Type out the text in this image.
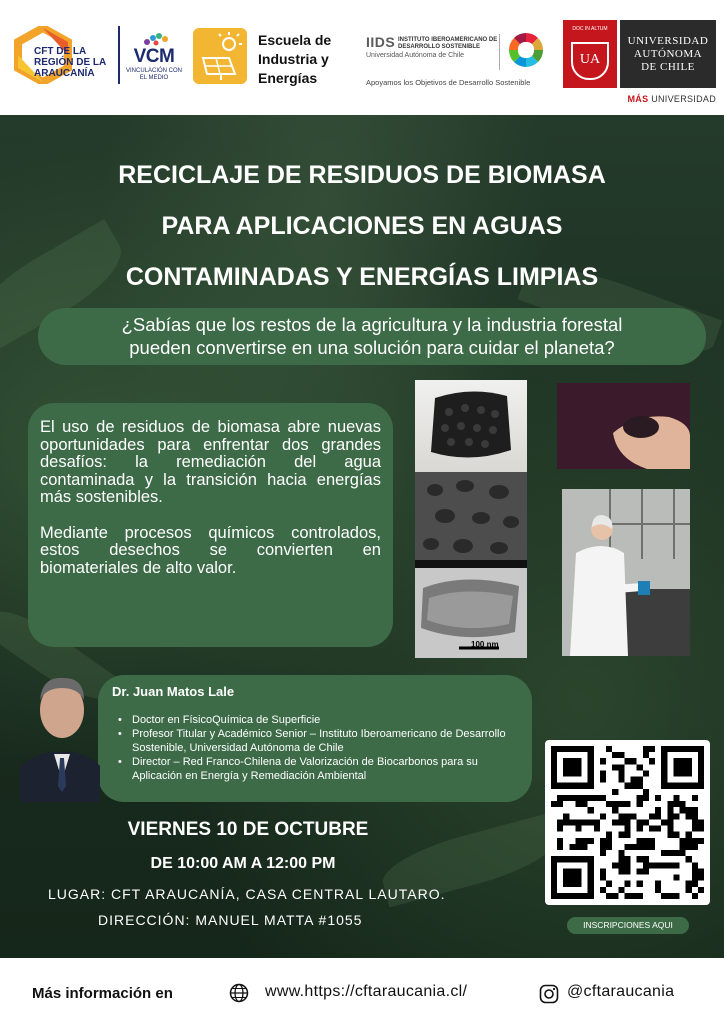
CFT DE LA REGIÓN DE LA ARAUCANÍA
VCM
VINCULACIÓN CON EL MEDIO
Escuela de
Industria y
Energías
IIDS INSTITUTO IBEROAMERICANO DE DESARROLLO SOSTENIBLE
Universidad Autónoma de Chile
Apoyamos los Objetivos de Desarrollo Sostenible
DOC IN ALTUM
UA
UNIVERSIDAD
AUTÓNOMA
DE CHILE
MÁS UNIVERSIDAD
RECICLAJE DE RESIDUOS DE BIOMASA
PARA APLICACIONES EN AGUAS
CONTAMINADAS Y ENERGÍAS LIMPIAS
¿Sabías que los restos de la agricultura y la industria forestal
pueden convertirse en una solución para cuidar el planeta?

El uso de residuos de biomasa abre nuevas oportunidades para enfrentar dos grandes desafíos: la remediación del agua contaminada y la transición hacia energías más sostenibles.

Mediante procesos químicos controlados, estos desechos se convierten en biomateriales de alto valor.

100 nm
Dr. Juan Matos Lale
• Doctor en FísicoQuímica de Superficie
• Profesor Titular y Académico Senior – Instituto Iberoamericano de Desarrollo Sostenible, Universidad Autónoma de Chile
• Director – Red Franco-Chilena de Valorización de Biocarbonos para su Aplicación en Energía y Remediación Ambiental
VIERNES 10 DE OCTUBRE
DE 10:00 AM A 12:00 PM
LUGAR: CFT ARAUCANÍA, CASA CENTRAL LAUTARO.
DIRECCIÓN: MANUEL MATTA #1055	INSCRIPCIONES AQUI
Más información en	www.https://cftaraucania.cl/	@cftaraucania
